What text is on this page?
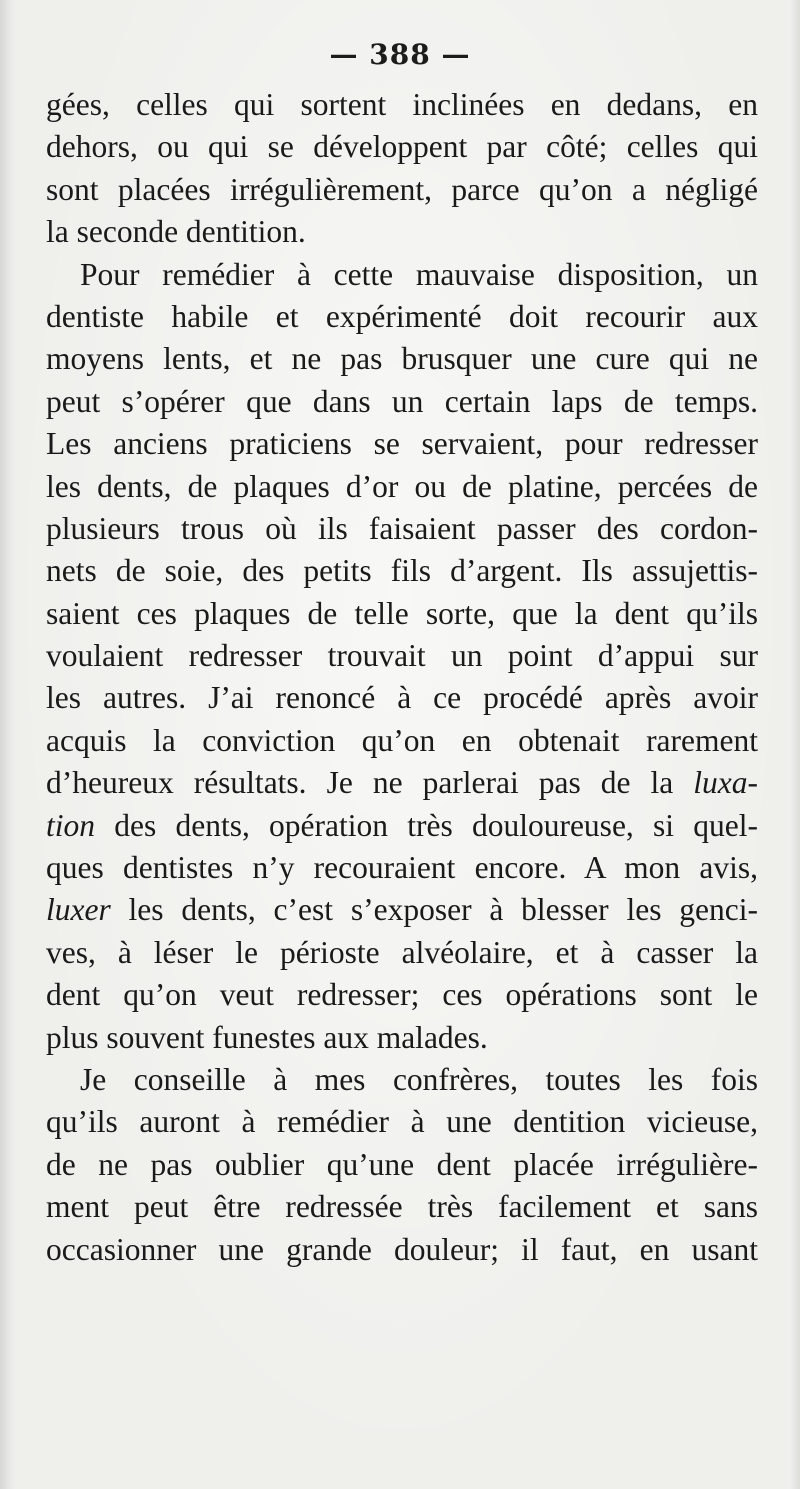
— 388 —
gées, celles qui sortent inclinées en dedans, en
dehors, ou qui se développent par côté; celles qui
sont placées irrégulièrement, parce qu’on a négligé
la seconde dentition.
Pour remédier à cette mauvaise disposition, un
dentiste habile et expérimenté doit recourir aux
moyens lents, et ne pas brusquer une cure qui ne
peut s’opérer que dans un certain laps de temps.
Les anciens praticiens se servaient, pour redresser
les dents, de plaques d’or ou de platine, percées de
plusieurs trous où ils faisaient passer des cordon-
nets de soie, des petits fils d’argent. Ils assujettis-
saient ces plaques de telle sorte, que la dent qu’ils
voulaient redresser trouvait un point d’appui sur
les autres. J’ai renoncé à ce procédé après avoir
acquis la conviction qu’on en obtenait rarement
d’heureux résultats. Je ne parlerai pas de la luxa-
tion des dents, opération très douloureuse, si quel-
ques dentistes n’y recouraient encore. A mon avis,
luxer les dents, c’est s’exposer à blesser les genci-
ves, à léser le périoste alvéolaire, et à casser la
dent qu’on veut redresser; ces opérations sont le
plus souvent funestes aux malades.
Je conseille à mes confrères, toutes les fois
qu’ils auront à remédier à une dentition vicieuse,
de ne pas oublier qu’une dent placée irrégulière-
ment peut être redressée très facilement et sans
occasionner une grande douleur; il faut, en usant
